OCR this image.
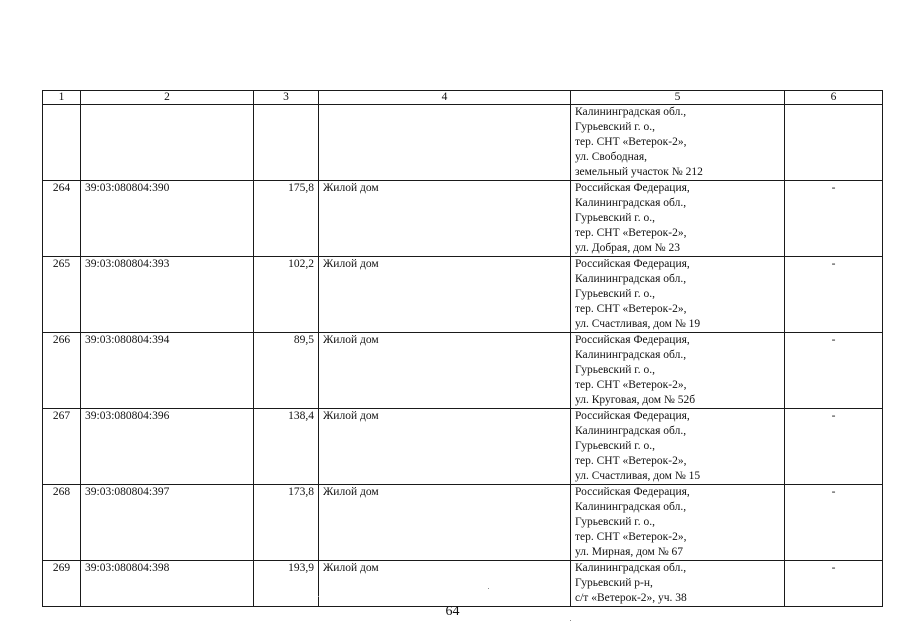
1	2	3	4	5	6

				Калининградская обл.,
Гурьевский г. о.,
тер. СНТ «Ветерок-2»,
ул. Свободная,
земельный участок № 212	

264	39:03:080804:390	175,8	Жилой дом	Российская Федерация,
Калининградская обл.,
Гурьевский г. о.,
тер. СНТ «Ветерок-2»,
ул. Добрая, дом № 23	-
265	39:03:080804:393	102,2	Жилой дом	Российская Федерация,
Калининградская обл.,
Гурьевский г. о.,
тер. СНТ «Ветерок-2»,
ул. Счастливая, дом № 19	-
266	39:03:080804:394	89,5	Жилой дом	Российская Федерация,
Калининградская обл.,
Гурьевский г. о.,
тер. СНТ «Ветерок-2»,
ул. Круговая, дом № 52б	-
267	39:03:080804:396	138,4	Жилой дом	Российская Федерация,
Калининградская обл.,
Гурьевский г. о.,
тер. СНТ «Ветерок-2»,
ул. Счастливая, дом № 15	-
268	39:03:080804:397	173,8	Жилой дом	Российская Федерация,
Калининградская обл.,
Гурьевский г. о.,
тер. СНТ «Ветерок-2»,
ул. Мирная, дом № 67	-
269	39:03:080804:398	193,9	Жилой дом	Калининградская обл.,
Гурьевский р-н,
с/т «Ветерок-2», уч. 38	-
64
